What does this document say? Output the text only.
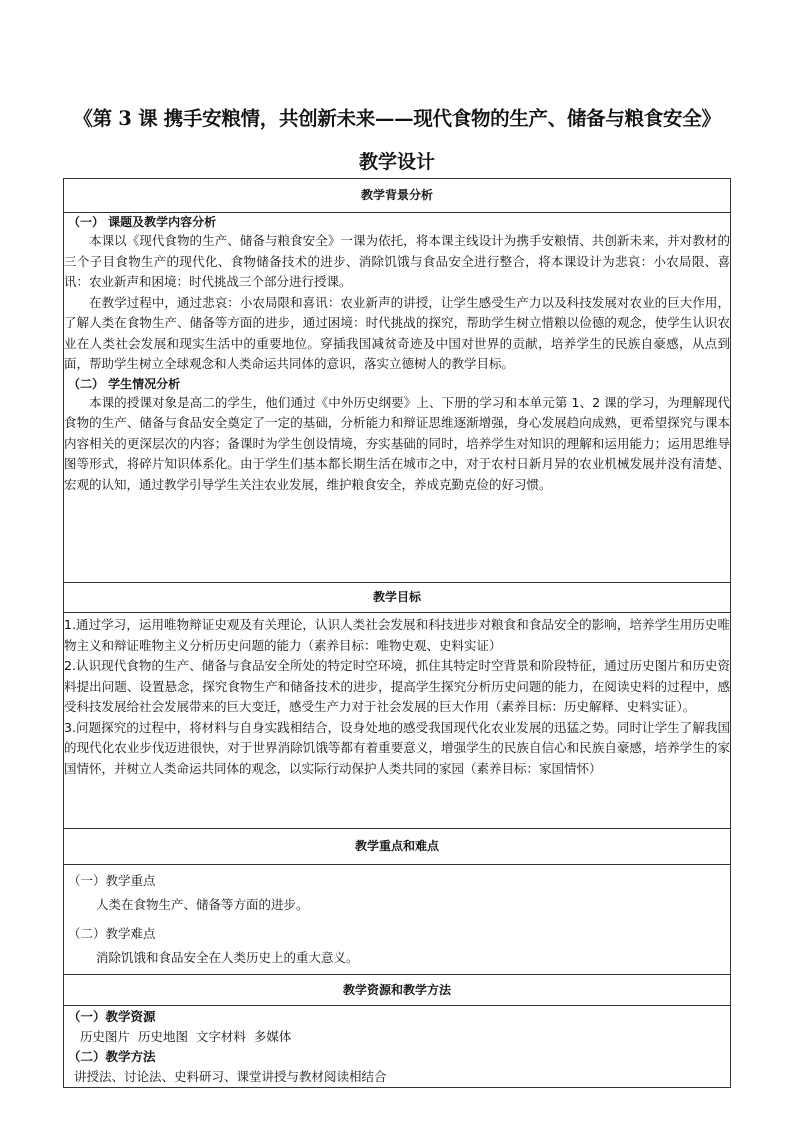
《第 3 课 携手安粮情，共创新未来——现代食物的生产、储备与粮食安全》
教学设计
教学背景分析

（一） 课题及教学内容分析
本课以《现代食物的生产、储备与粮食安全》一课为依托，将本课主线设计为携手安粮情、共创新未来，并对教材的三个子目食物生产的现代化、食物储备技术的进步、消除饥饿与食品安全进行整合，将本课设计为悲哀：小农局限、喜讯：农业新声和困境：时代挑战三个部分进行授课。
在教学过程中，通过悲哀：小农局限和喜讯：农业新声的讲授，让学生感受生产力以及科技发展对农业的巨大作用，了解人类在食物生产、储备等方面的进步，通过困境：时代挑战的探究，帮助学生树立惜粮以俭德的观念，使学生认识农业在人类社会发展和现实生活中的重要地位。穿插我国减贫奇迹及中国对世界的贡献，培养学生的民族自豪感，从点到面，帮助学生树立全球观念和人类命运共同体的意识，落实立德树人的教学目标。
（二） 学生情况分析
本课的授课对象是高二的学生，他们通过《中外历史纲要》上、下册的学习和本单元第 1、2 课的学习，为理解现代食物的生产、储备与食品安全奠定了一定的基础，分析能力和辩证思维逐渐增强，身心发展趋向成熟，更希望探究与课本内容相关的更深层次的内容；备课时为学生创设情境，夯实基础的同时，培养学生对知识的理解和运用能力；运用思维导图等形式，将碎片知识体系化。由于学生们基本都长期生活在城市之中，对于农村日新月异的农业机械发展并没有清楚、宏观的认知，通过教学引导学生关注农业发展，维护粮食安全，养成克勤克俭的好习惯。

教学目标

1.通过学习，运用唯物辩证史观及有关理论，认识人类社会发展和科技进步对粮食和食品安全的影响，培养学生用历史唯物主义和辩证唯物主义分析历史问题的能力（素养目标：唯物史观、史料实证）
2.认识现代食物的生产、储备与食品安全所处的特定时空环境，抓住其特定时空背景和阶段特征，通过历史图片和历史资料提出问题、设置悬念，探究食物生产和储备技术的进步，提高学生探究分析历史问题的能力，在阅读史料的过程中，感受科技发展给社会发展带来的巨大变迁，感受生产力对于社会发展的巨大作用（素养目标：历史解释、史料实证）。
3.问题探究的过程中，将材料与自身实践相结合，设身处地的感受我国现代化农业发展的迅猛之势。同时让学生了解我国的现代化农业步伐迈进很快，对于世界消除饥饿等都有着重要意义，增强学生的民族自信心和民族自豪感，培养学生的家国情怀，并树立人类命运共同体的观念，以实际行动保护人类共同的家园（素养目标：家国情怀）

教学重点和难点

（一）教学重点
人类在食物生产、储备等方面的进步。
（二）教学难点
消除饥饿和食品安全在人类历史上的重大意义。

教学资源和教学方法

（一）教学资源
历史图片  历史地图  文字材料  多媒体
（二）教学方法
讲授法、讨论法、史料研习、课堂讲授与教材阅读相结合
